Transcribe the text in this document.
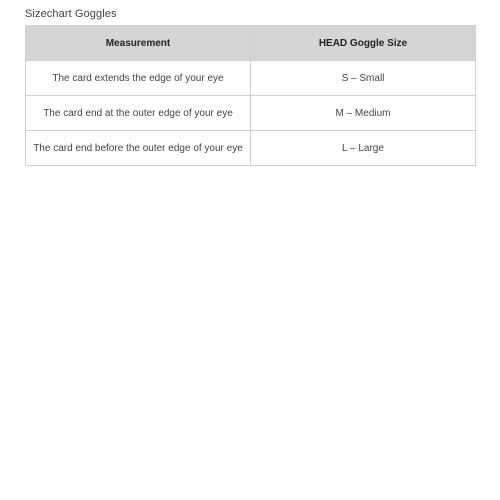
Sizechart Goggles
Measurement	HEAD Goggle Size
The card extends the edge of your eye	S – Small
The card end at the outer edge of your eye	M – Medium
The card end before the outer edge of your eye	L – Large
